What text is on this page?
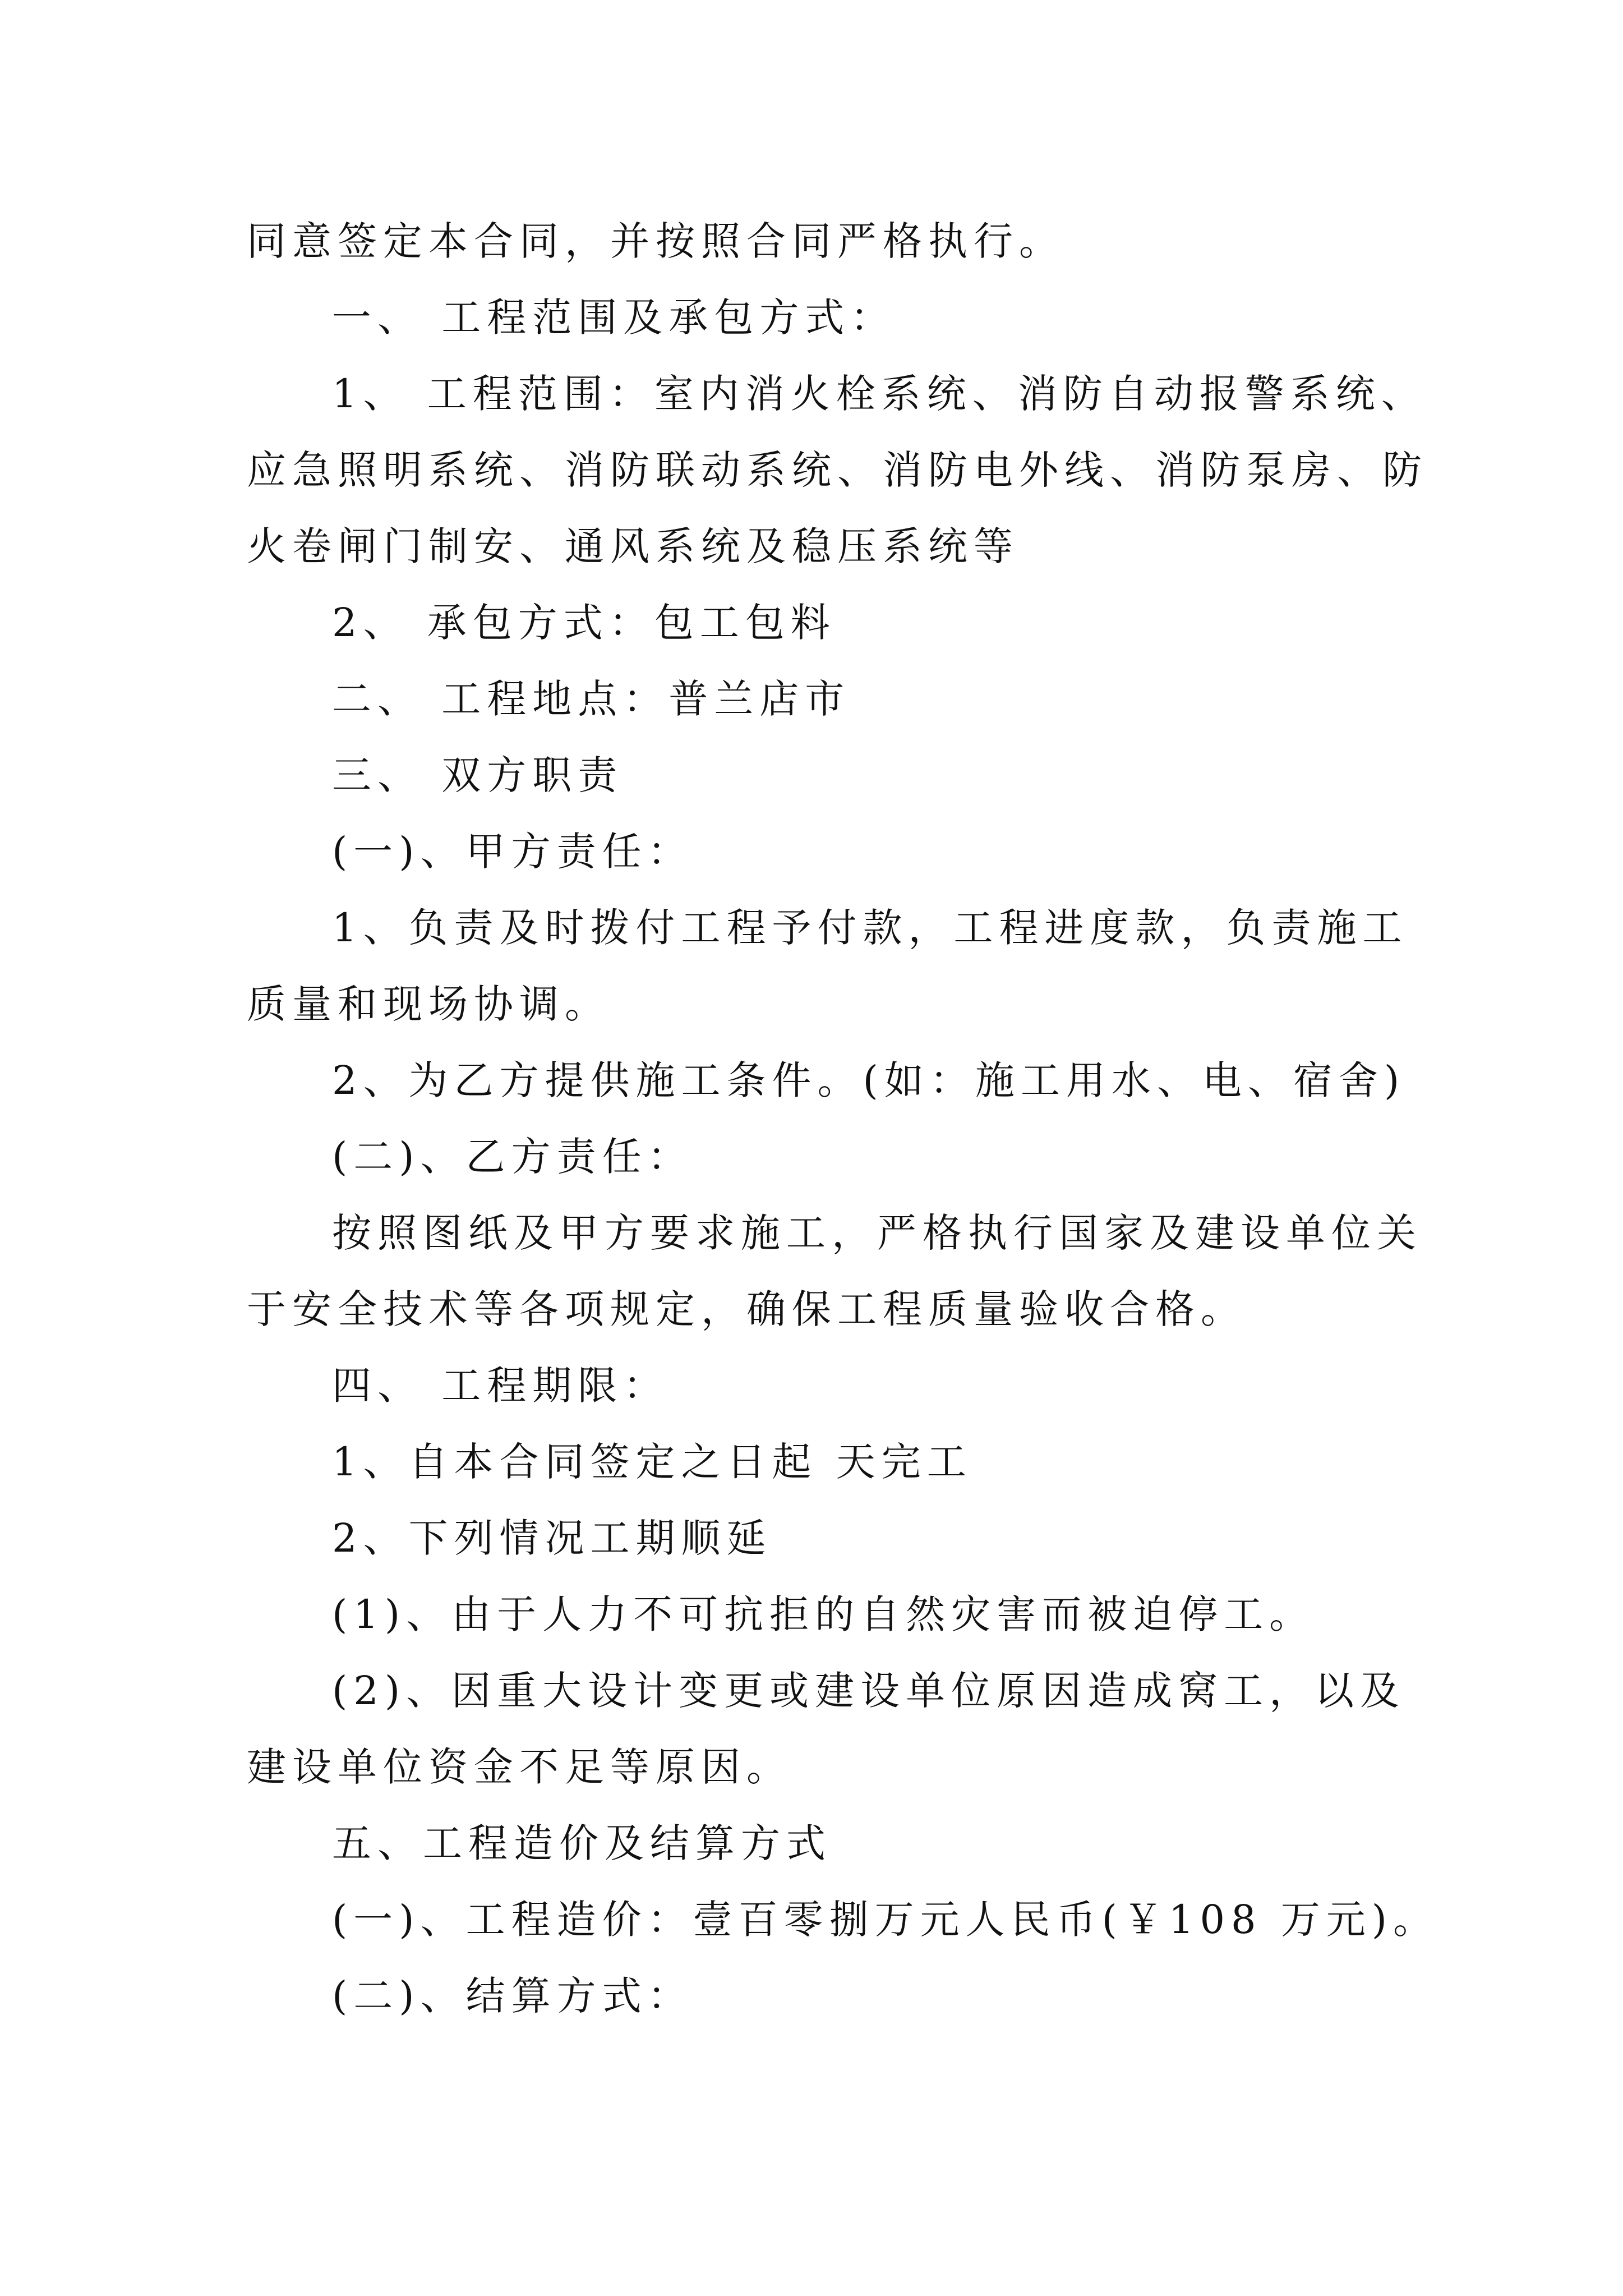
同意签定本合同，并按照合同严格执行。
一、 工程范围及承包方式：
1、 工程范围：室内消火栓系统、消防自动报警系统、
应急照明系统、消防联动系统、消防电外线、消防泵房、防
火卷闸门制安、通风系统及稳压系统等
2、 承包方式：包工包料
二、 工程地点：普兰店市
三、 双方职责
(一)、甲方责任：
1、负责及时拨付工程予付款，工程进度款，负责施工
质量和现场协调。
2、为乙方提供施工条件。(如：施工用水、电、宿舍)
(二)、乙方责任：
按照图纸及甲方要求施工，严格执行国家及建设单位关
于安全技术等各项规定，确保工程质量验收合格。
四、 工程期限：
1、自本合同签定之日起 天完工
2、下列情况工期顺延
(1)、由于人力不可抗拒的自然灾害而被迫停工。
(2)、因重大设计变更或建设单位原因造成窝工，以及
建设单位资金不足等原因。
五、工程造价及结算方式
(一)、工程造价：壹百零捌万元人民币(￥108 万元)。
(二)、结算方式：
